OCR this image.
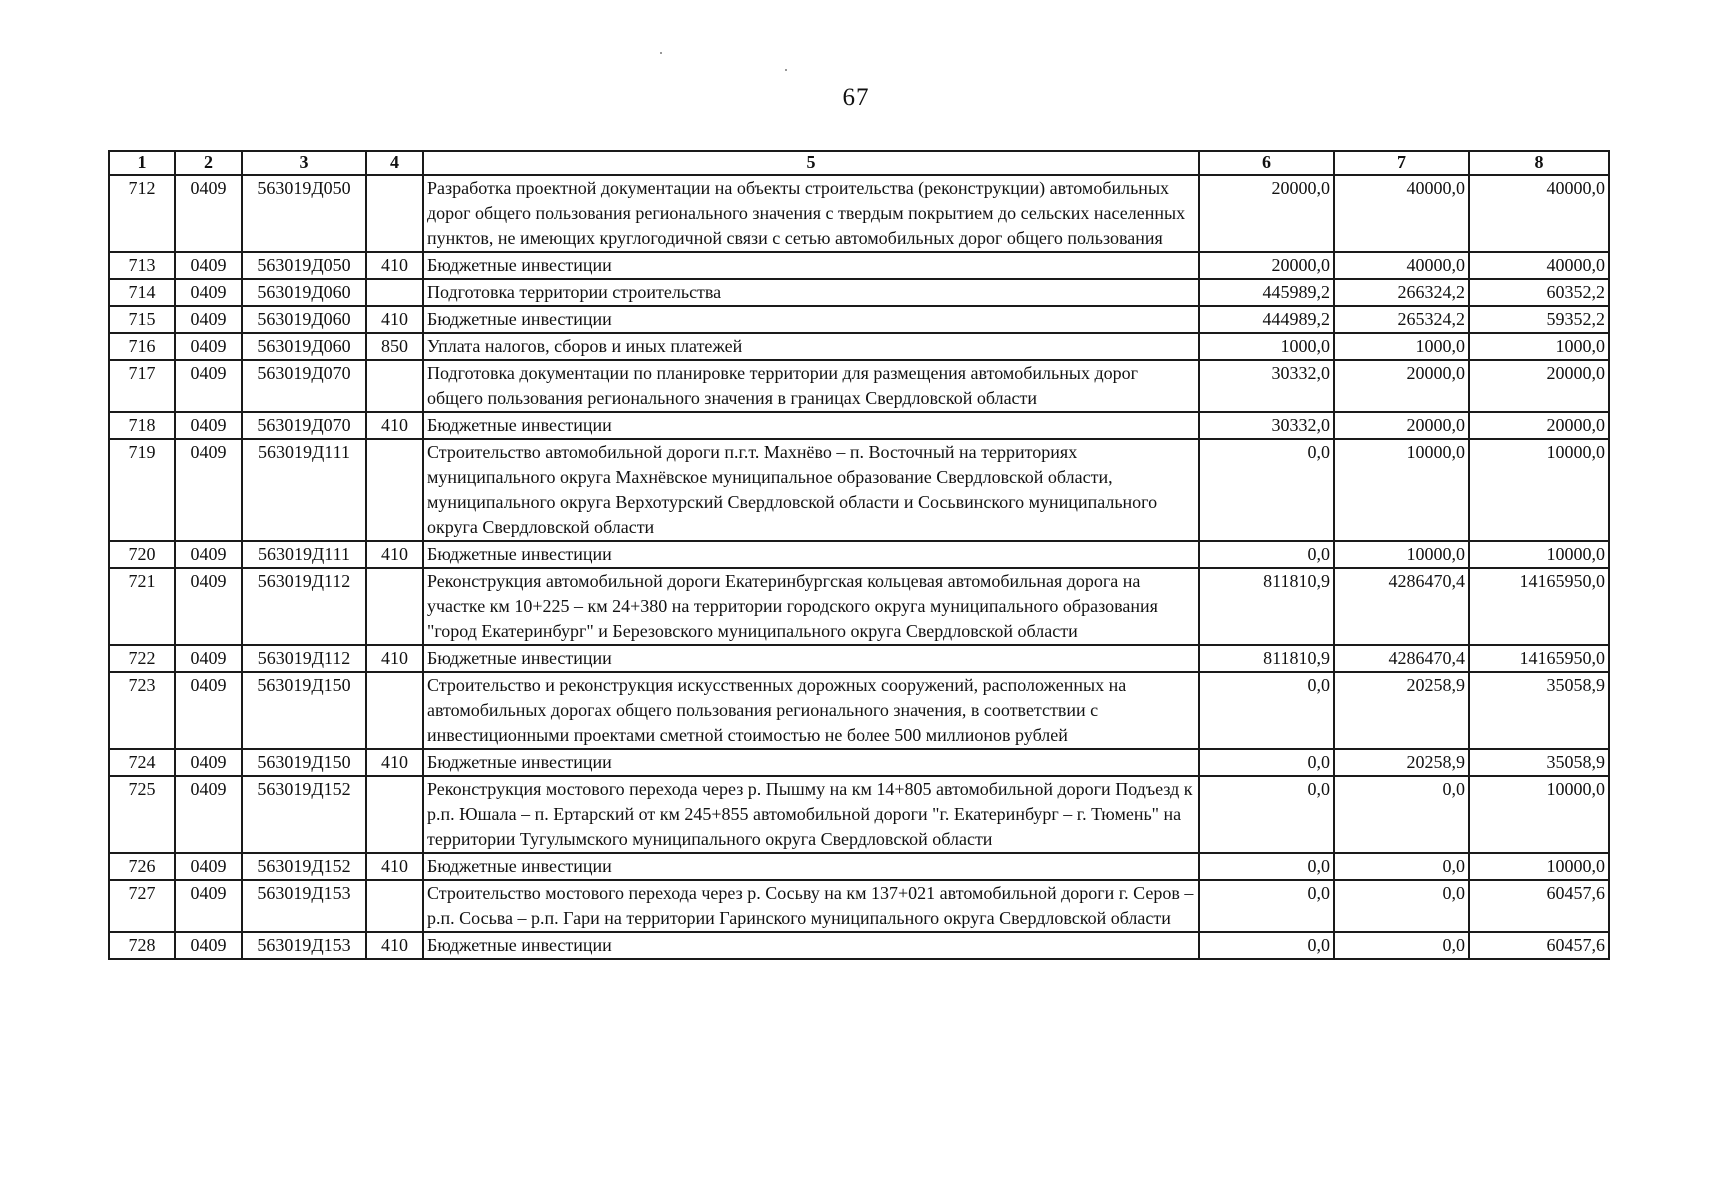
67
1	2	3	4	5	6	7	8
712	0409	563019Д050		Разработка проектной документации на объекты строительства (реконструкции) автомобильных дорог общего пользования регионального значения с твердым покрытием до сельских населенных пунктов, не имеющих круглогодичной связи с сетью автомобильных дорог общего пользования	20000,0	40000,0	40000,0
713	0409	563019Д050	410	Бюджетные инвестиции	20000,0	40000,0	40000,0
714	0409	563019Д060		Подготовка территории строительства	445989,2	266324,2	60352,2
715	0409	563019Д060	410	Бюджетные инвестиции	444989,2	265324,2	59352,2
716	0409	563019Д060	850	Уплата налогов, сборов и иных платежей	1000,0	1000,0	1000,0
717	0409	563019Д070		Подготовка документации по планировке территории для размещения автомобильных дорог общего пользования регионального значения в границах Свердловской области	30332,0	20000,0	20000,0
718	0409	563019Д070	410	Бюджетные инвестиции	30332,0	20000,0	20000,0
719	0409	563019Д111		Строительство автомобильной дороги п.г.т. Махнёво – п. Восточный на территориях муниципального округа Махнёвское муниципальное образование Свердловской области, муниципального округа Верхотурский Свердловской области и Сосьвинского муниципального округа Свердловской области	0,0	10000,0	10000,0
720	0409	563019Д111	410	Бюджетные инвестиции	0,0	10000,0	10000,0
721	0409	563019Д112		Реконструкция автомобильной дороги Екатеринбургская кольцевая автомобильная дорога на участке км 10+225 – км 24+380 на территории городского округа муниципального образования "город Екатеринбург" и Березовского муниципального округа Свердловской области	811810,9	4286470,4	14165950,0
722	0409	563019Д112	410	Бюджетные инвестиции	811810,9	4286470,4	14165950,0
723	0409	563019Д150		Строительство и реконструкция искусственных дорожных сооружений, расположенных на автомобильных дорогах общего пользования регионального значения, в соответствии с инвестиционными проектами сметной стоимостью не более 500 миллионов рублей	0,0	20258,9	35058,9
724	0409	563019Д150	410	Бюджетные инвестиции	0,0	20258,9	35058,9
725	0409	563019Д152		Реконструкция мостового перехода через р. Пышму на км 14+805 автомобильной дороги Подъезд к р.п. Юшала – п. Ертарский от км 245+855 автомобильной дороги "г. Екатеринбург – г. Тюмень" на территории Тугулымского муниципального округа Свердловской области	0,0	0,0	10000,0
726	0409	563019Д152	410	Бюджетные инвестиции	0,0	0,0	10000,0
727	0409	563019Д153		Строительство мостового перехода через р. Сосьву на км 137+021 автомобильной дороги г. Серов – р.п. Сосьва – р.п. Гари на территории Гаринского муниципального округа Свердловской области	0,0	0,0	60457,6
728	0409	563019Д153	410	Бюджетные инвестиции	0,0	0,0	60457,6
